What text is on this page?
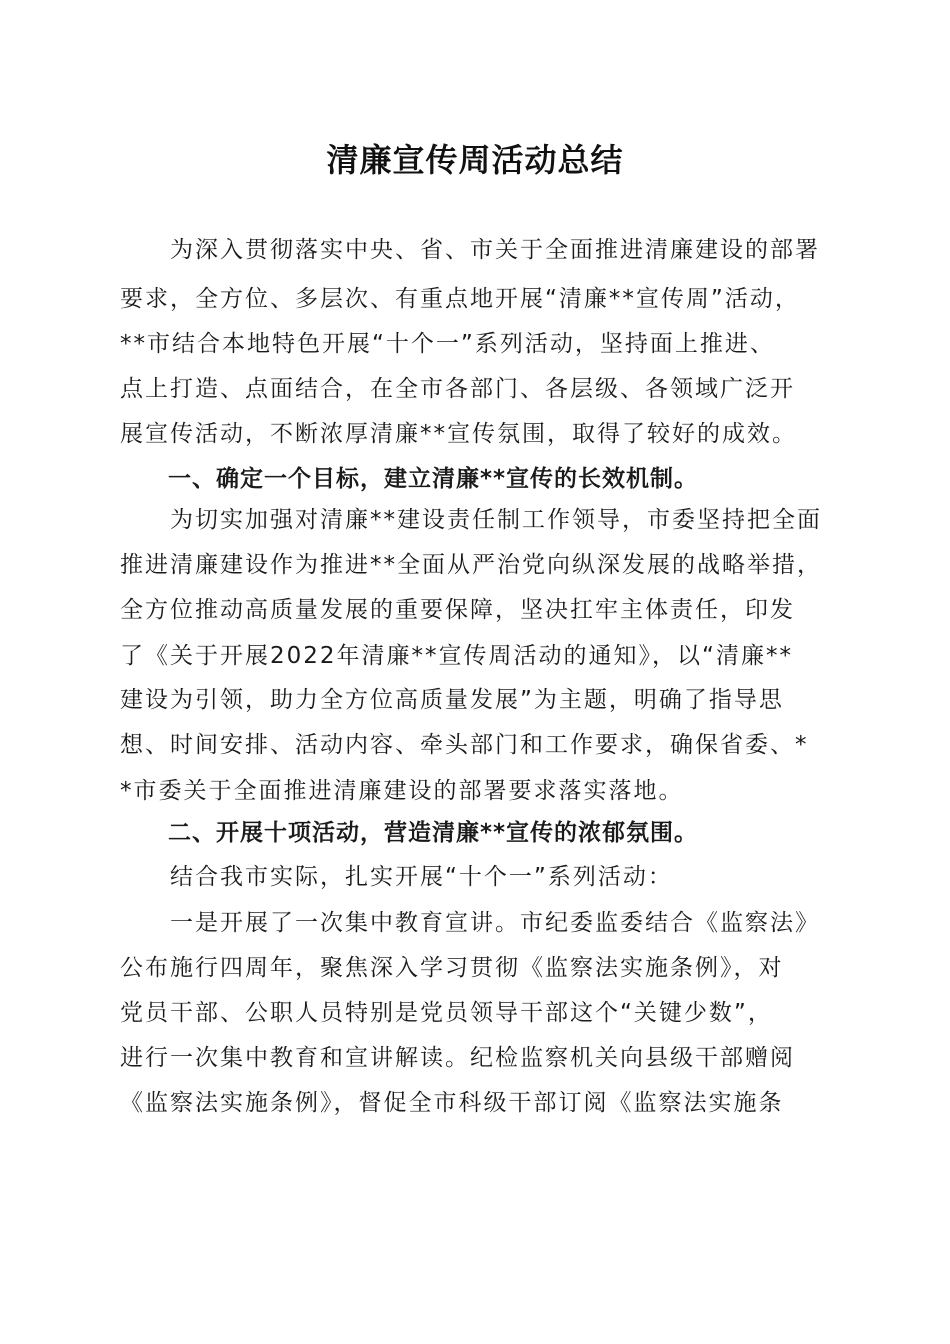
清廉宣传周活动总结
　　为深入贯彻落实中央、省、市关于全面推进清廉建设的部署
要求，全方位、多层次、有重点地开展“清廉**宣传周”活动，
**市结合本地特色开展“十个一”系列活动，坚持面上推进、
点上打造、点面结合，在全市各部门、各层级、各领域广泛开
展宣传活动，不断浓厚清廉**宣传氛围，取得了较好的成效。
　　一、确定一个目标，建立清廉**宣传的长效机制。
　　为切实加强对清廉**建设责任制工作领导，市委坚持把全面
推进清廉建设作为推进**全面从严治党向纵深发展的战略举措，
全方位推动高质量发展的重要保障，坚决扛牢主体责任，印发
了《关于开展2022年清廉**宣传周活动的通知》，以“清廉**
建设为引领，助力全方位高质量发展”为主题，明确了指导思
想、时间安排、活动内容、牵头部门和工作要求，确保省委、*
*市委关于全面推进清廉建设的部署要求落实落地。
　　二、开展十项活动，营造清廉**宣传的浓郁氛围。
　　结合我市实际，扎实开展“十个一”系列活动：
　　一是开展了一次集中教育宣讲。市纪委监委结合《监察法》
公布施行四周年，聚焦深入学习贯彻《监察法实施条例》，对
党员干部、公职人员特别是党员领导干部这个“关键少数”，
进行一次集中教育和宣讲解读。纪检监察机关向县级干部赠阅
《监察法实施条例》，督促全市科级干部订阅《监察法实施条
